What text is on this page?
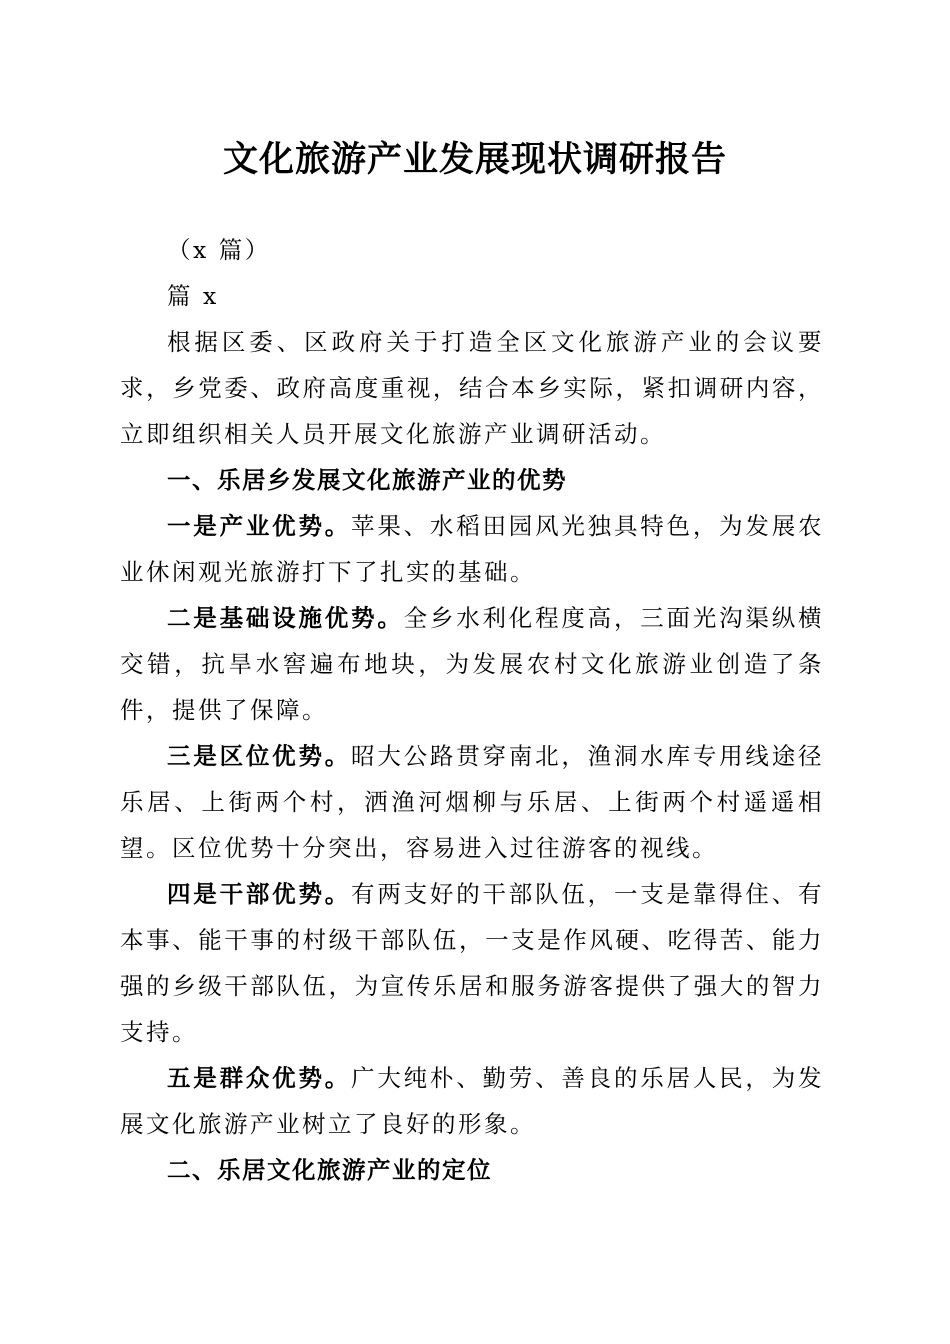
文化旅游产业发展现状调研报告

（x 篇）

篇 x

根据区委、区政府关于打造全区文化旅游产业的会议要求，乡党委、政府高度重视，结合本乡实际，紧扣调研内容，立即组织相关人员开展文化旅游产业调研活动。

一、乐居乡发展文化旅游产业的优势

一是产业优势。苹果、水稻田园风光独具特色，为发展农业休闲观光旅游打下了扎实的基础。

二是基础设施优势。全乡水利化程度高，三面光沟渠纵横交错，抗旱水窖遍布地块，为发展农村文化旅游业创造了条件，提供了保障。

三是区位优势。昭大公路贯穿南北，渔洞水库专用线途径乐居、上街两个村，洒渔河烟柳与乐居、上街两个村遥遥相望。区位优势十分突出，容易进入过往游客的视线。

四是干部优势。有两支好的干部队伍，一支是靠得住、有本事、能干事的村级干部队伍，一支是作风硬、吃得苦、能力强的乡级干部队伍，为宣传乐居和服务游客提供了强大的智力支持。

五是群众优势。广大纯朴、勤劳、善良的乐居人民，为发展文化旅游产业树立了良好的形象。

二、乐居文化旅游产业的定位
